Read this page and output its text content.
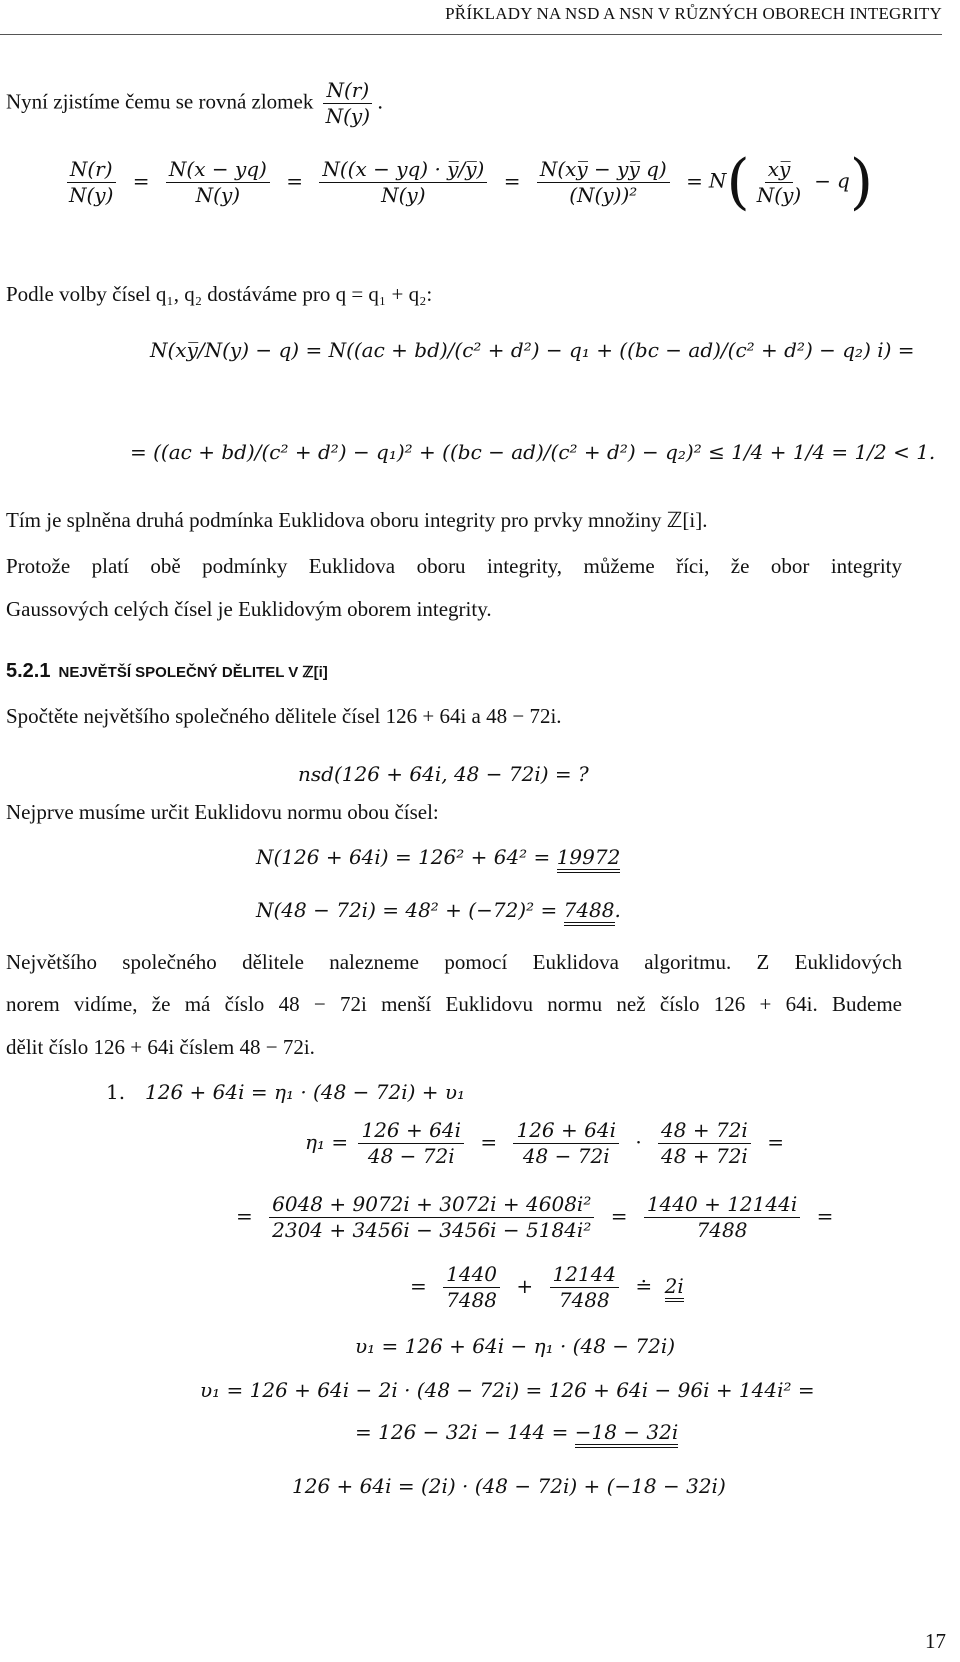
PŘÍKLADY NA NSD A NSN V RŮZNÝCH OBORECH INTEGRITY
Nyní zjistíme čemu se rovná zlomek $\frac{N(r)}{N(y)}$ .
$\frac{N(r)}{N(y)} = \frac{N(x - yq)}{N(y)} = \frac{N((x - yq) \cdot y̅/y̅)}{N(y)} = \frac{N(xy̅ - yy̅ q)}{\text{(N(y))²}} = N( \frac{xy̅}{N(y)} - q)$
Podle volby čísel q₁, q₂ dostáváme pro q = q₁ + q₂:
N(xy̅/N(y) − q) = N((ac + bd)/(c² + d²) − q₁ + ((bc − ad)/(c² + d²) − q₂) i) =
= ((ac + bd)/(c² + d²) − q₁)² + ((bc − ad)/(c² + d²) − q₂)² ≤ 1/4 + 1/4 = 1/2 < 1.
Tím je splněna druhá podmínka Euklidova oboru integrity pro prvky množiny ℤ[i].
Protože platí obě podmínky Euklidova oboru integrity, můžeme říci, že obor integrity
Gaussových celých čísel je Euklidovým oborem integrity.
5.2.1 NEJVĚTŠÍ SPOLEČNÝ DĚLITEL V ℤ[i]
Spočtěte největšího společného dělitele čísel 126 + 64i a 48 − 72i.
nsd(126 + 64i, 48 − 72i) = ?
Nejprve musíme určit Euklidovu normu obou čísel:
N(126 + 64i) = 126² + 64² = 19972
N(48 − 72i) = 48² + (−72)² = 7488.
Největšího společného dělitele nalezneme pomocí Euklidova algoritmu. Z Euklidových
norem vidíme, že má číslo 48 − 72i menší Euklidovu normu než číslo 126 + 64i. Budeme
dělit číslo 126 + 64i číslem 48 − 72i.
1. 126 + 64i = η₁ · (48 − 72i) + υ₁
$\eta_1 = \frac{126 + 64i}{48 - 72i} = \frac{126 + 64i}{48 - 72i} \cdot \frac{48 + 72i}{48 + 72i}$ =
= $\frac{\text{6048 + 9072i + 3072i + 4608i²}}{\text{2304 + 3456i − 3456i − 5184i²}} = \frac{1440 + 12144i}{7488}$ =
= $\frac{1440}{7488} + \frac{12144}{7488}$ ≐ 2i
υ₁ = 126 + 64i − η₁ · (48 − 72i)
υ₁ = 126 + 64i − 2i · (48 − 72i) = 126 + 64i − 96i + 144i² =
= 126 − 32i − 144 = −18 − 32i
126 + 64i = (2i) · (48 − 72i) + (−18 − 32i)
17
